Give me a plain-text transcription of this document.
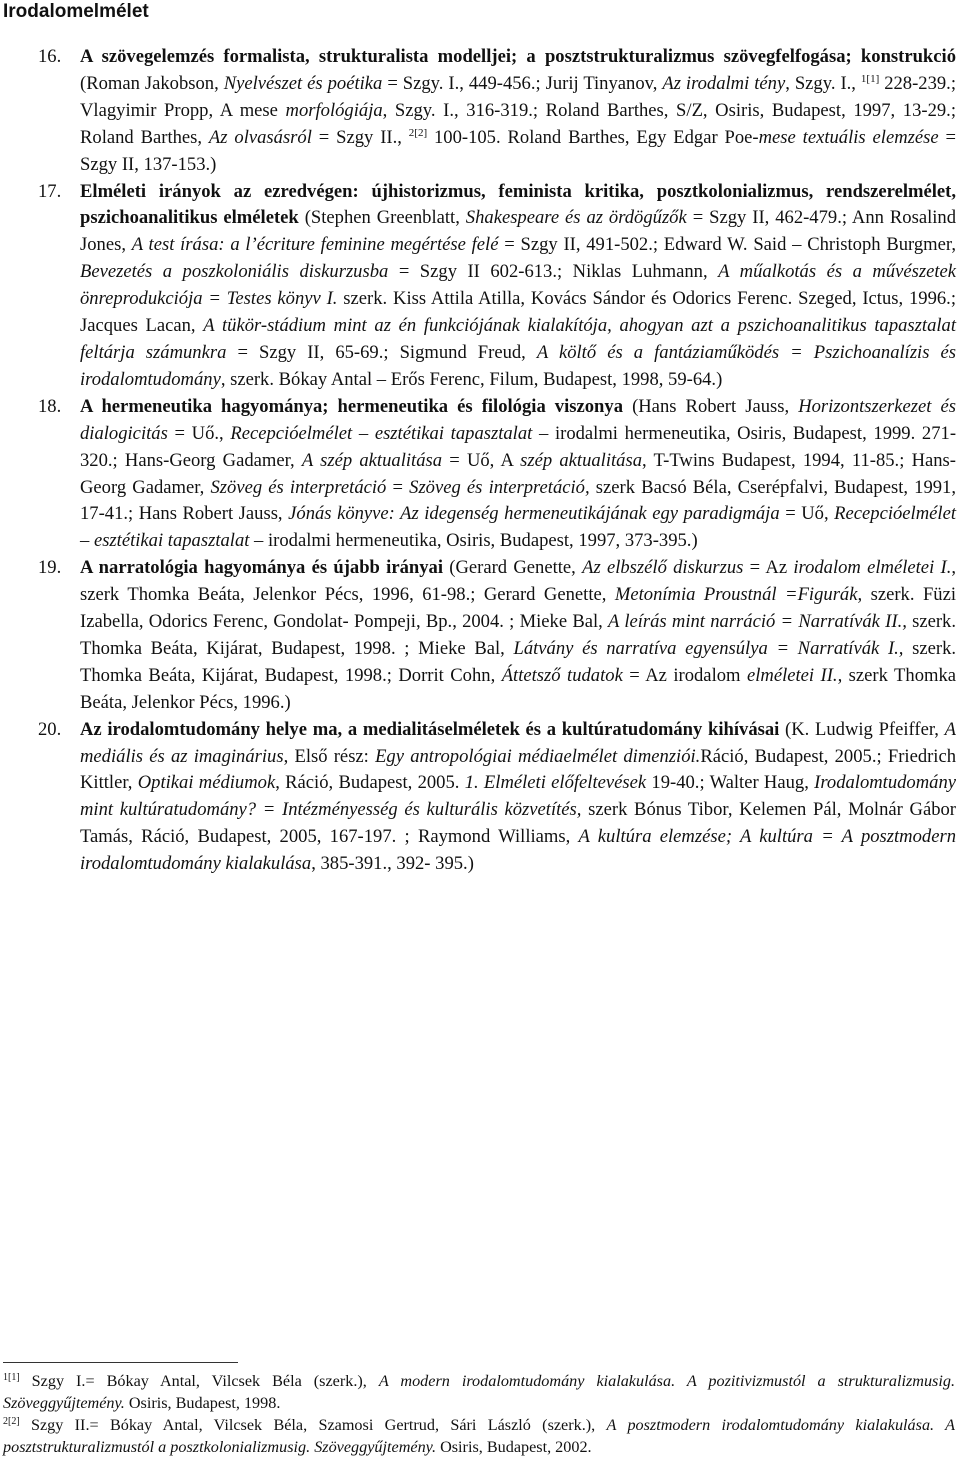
Irodalomelmélet
16. A szövegelemzés formalista, strukturalista modelljei; a posztstrukturalizmus szövegfelfogása; konstrukció (Roman Jakobson, Nyelvészet és poétika = Szgy. I., 449-456.; Jurij Tinyanov, Az irodalmi tény, Szgy. I., $^{1[1]}$ 228-239.; Vlagyimir Propp, A mese morfológiája, Szgy. I., 316-319.; Roland Barthes, S/Z, Osiris, Budapest, 1997, 13-29.; Roland Barthes, Az olvasásról = Szgy II., $^{2[2]}$ 100-105. Roland Barthes, Egy Edgar Poe-mese textuális elemzése = Szgy II, 137-153.)
17. Elméleti irányok az ezredvégen: újhistorizmus, feminista kritika, posztkolonializmus, rendszerelmélet, pszichoanalitikus elméletek (Stephen Greenblatt, Shakespeare és az ördögűzők = Szgy II, 462-479.; Ann Rosalind Jones, A test írása: a l’écriture feminine megértése felé = Szgy II, 491-502.; Edward W. Said – Christoph Burgmer, Bevezetés a poszkoloniális diskurzusba = Szgy II 602-613.; Niklas Luhmann, A műalkotás és a művészetek önreprodukciója = Testes könyv I. szerk. Kiss Attila Atilla, Kovács Sándor és Odorics Ferenc. Szeged, Ictus, 1996.; Jacques Lacan, A tükör-stádium mint az én funkciójának kialakítója, ahogyan azt a pszichoanalitikus tapasztalat feltárja számunkra = Szgy II, 65-69.; Sigmund Freud, A költő és a fantáziaműködés = Pszichoanalízis és irodalomtudomány, szerk. Bókay Antal – Erős Ferenc, Filum, Budapest, 1998, 59-64.)
18. A hermeneutika hagyománya; hermeneutika és filológia viszonya (Hans Robert Jauss, Horizontszerkezet és dialogicitás = Uő., Recepcióelmélet – esztétikai tapasztalat – irodalmi hermeneutika, Osiris, Budapest, 1999. 271-320.; Hans-Georg Gadamer, A szép aktualitása = Uő, A szép aktualitása, T-Twins Budapest, 1994, 11-85.; Hans-Georg Gadamer, Szöveg és interpretáció = Szöveg és interpretáció, szerk Bacsó Béla, Cserépfalvi, Budapest, 1991, 17-41.; Hans Robert Jauss, Jónás könyve: Az idegenség hermeneutikájának egy paradigmája = Uő, Recepcióelmélet – esztétikai tapasztalat – irodalmi hermeneutika, Osiris, Budapest, 1997, 373-395.)
19. A narratológia hagyománya és újabb irányai (Gerard Genette, Az elbszélő diskurzus = Az irodalom elméletei I., szerk Thomka Beáta, Jelenkor Pécs, 1996, 61-98.; Gerard Genette, Metonímia Proustnál =Figurák, szerk. Füzi Izabella, Odorics Ferenc, Gondolat- Pompeji, Bp., 2004. ; Mieke Bal, A leírás mint narráció = Narratívák II., szerk. Thomka Beáta, Kijárat, Budapest, 1998. ; Mieke Bal, Látvány és narratíva egyensúlya = Narratívák I., szerk. Thomka Beáta, Kijárat, Budapest, 1998.; Dorrit Cohn, Áttetsző tudatok = Az irodalom elméletei II., szerk Thomka Beáta, Jelenkor Pécs, 1996.)
20. Az irodalomtudomány helye ma, a medialitáselméletek és a kultúratudomány kihívásai (K. Ludwig Pfeiffer, A mediális és az imaginárius, Első rész: Egy antropológiai médiaelmélet dimenziói.Ráció, Budapest, 2005.; Friedrich Kittler, Optikai médiumok, Ráció, Budapest, 2005. 1. Elméleti előfeltevések 19-40.; Walter Haug, Irodalomtudomány mint kultúratudomány? = Intézményesség és kulturális közvetítés, szerk Bónus Tibor, Kelemen Pál, Molnár Gábor Tamás, Ráció, Budapest, 2005, 167-197. ; Raymond Williams, A kultúra elemzése; A kultúra = A posztmodern irodalomtudomány kialakulása, 385-391., 392- 395.)
$^{1[1]}$ Szgy I.= Bókay Antal, Vilcsek Béla (szerk.), A modern irodalomtudomány kialakulása. A pozitivizmustól a strukturalizmusig. Szöveggyűjtemény. Osiris, Budapest, 1998.
$^{2[2]}$ Szgy II.= Bókay Antal, Vilcsek Béla, Szamosi Gertrud, Sári László (szerk.), A posztmodern irodalomtudomány kialakulása. A posztstrukturalizmustól a posztkolonializmusig. Szöveggyűjtemény. Osiris, Budapest, 2002.
